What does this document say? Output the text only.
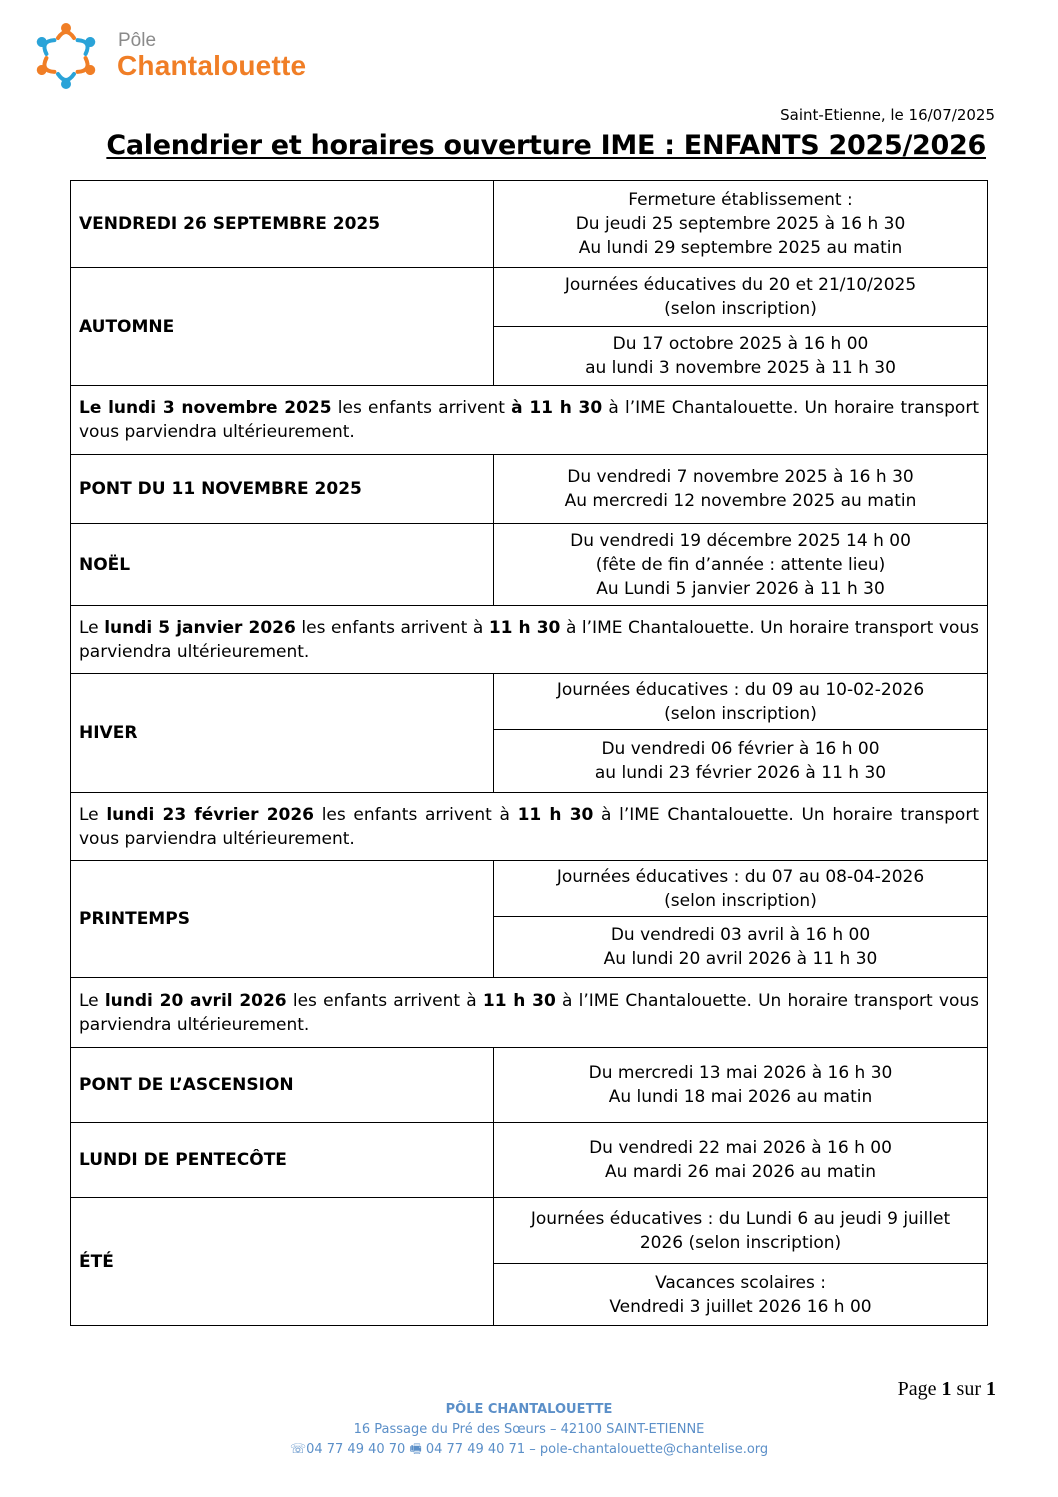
Pôle
Chantalouette
Saint-Etienne, le 16/07/2025
Calendrier et horaires ouverture IME : ENFANTS 2025/2026
VENDREDI 26 SEPTEMBRE 2025	Fermeture établissement :
Du jeudi 25 septembre 2025 à 16 h 30
Au lundi 29 septembre 2025 au matin

AUTOMNE	Journées éducatives du 20 et 21/10/2025
(selon inscription)

	Du 17 octobre 2025 à 16 h 00
au lundi 3 novembre 2025 à 11 h 30

Le lundi 3 novembre 2025 les enfants arrivent à 11 h 30 à l’IME Chantalouette. Un horaire transport vous parviendra ultérieurement.	
PONT DU 11 NOVEMBRE 2025	Du vendredi 7 novembre 2025 à 16 h 30
Au mercredi 12 novembre 2025 au matin

NOËL	Du vendredi 19 décembre 2025 14 h 00
(fête de fin d’année : attente lieu)
Au Lundi 5 janvier 2026 à 11 h 30

Le lundi 5 janvier 2026 les enfants arrivent à 11 h 30 à l’IME Chantalouette. Un horaire transport vous parviendra ultérieurement.	
HIVER	Journées éducatives : du 09 au 10-02-2026
(selon inscription)

	Du vendredi 06 février à 16 h 00
au lundi 23 février 2026 à 11 h 30

Le lundi 23 février 2026 les enfants arrivent à 11 h 30 à l’IME Chantalouette. Un horaire transport vous parviendra ultérieurement.	
PRINTEMPS	Journées éducatives : du 07 au 08-04-2026
(selon inscription)

	Du vendredi 03 avril à 16 h 00
Au lundi 20 avril 2026 à 11 h 30

Le lundi 20 avril 2026 les enfants arrivent à 11 h 30 à l’IME Chantalouette. Un horaire transport vous parviendra ultérieurement.	
PONT DE L’ASCENSION	Du mercredi 13 mai 2026 à 16 h 30
Au lundi 18 mai 2026 au matin

LUNDI DE PENTECÔTE	Du vendredi 22 mai 2026 à 16 h 00
Au mardi 26 mai 2026 au matin

ÉTÉ	Journées éducatives : du Lundi 6 au jeudi 9 juillet
2026 (selon inscription)

	Vacances scolaires :
Vendredi 3 juillet 2026 16 h 00
Page 1 sur 1
PÔLE CHANTALOUETTE
16 Passage du Pré des Sœurs – 42100 SAINT-ETIENNE
☏04 77 49 40 70 🖷 04 77 49 40 71 – pole-chantalouette@chantelise.org
